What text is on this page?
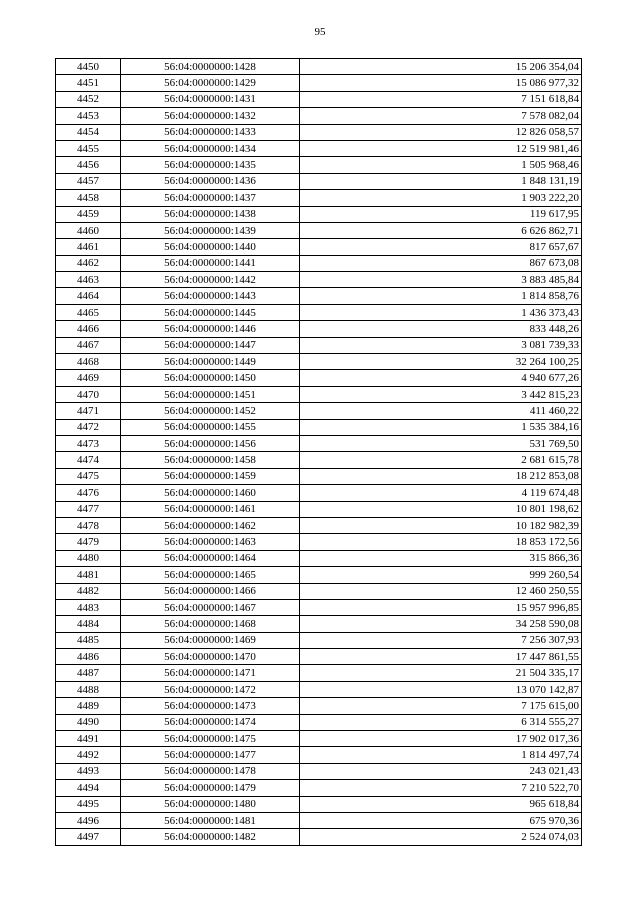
95
4450	56:04:0000000:1428	15 206 354,04
4451	56:04:0000000:1429	15 086 977,32
4452	56:04:0000000:1431	7 151 618,84
4453	56:04:0000000:1432	7 578 082,04
4454	56:04:0000000:1433	12 826 058,57
4455	56:04:0000000:1434	12 519 981,46
4456	56:04:0000000:1435	1 505 968,46
4457	56:04:0000000:1436	1 848 131,19
4458	56:04:0000000:1437	1 903 222,20
4459	56:04:0000000:1438	119 617,95
4460	56:04:0000000:1439	6 626 862,71
4461	56:04:0000000:1440	817 657,67
4462	56:04:0000000:1441	867 673,08
4463	56:04:0000000:1442	3 883 485,84
4464	56:04:0000000:1443	1 814 858,76
4465	56:04:0000000:1445	1 436 373,43
4466	56:04:0000000:1446	833 448,26
4467	56:04:0000000:1447	3 081 739,33
4468	56:04:0000000:1449	32 264 100,25
4469	56:04:0000000:1450	4 940 677,26
4470	56:04:0000000:1451	3 442 815,23
4471	56:04:0000000:1452	411 460,22
4472	56:04:0000000:1455	1 535 384,16
4473	56:04:0000000:1456	531 769,50
4474	56:04:0000000:1458	2 681 615,78
4475	56:04:0000000:1459	18 212 853,08
4476	56:04:0000000:1460	4 119 674,48
4477	56:04:0000000:1461	10 801 198,62
4478	56:04:0000000:1462	10 182 982,39
4479	56:04:0000000:1463	18 853 172,56
4480	56:04:0000000:1464	315 866,36
4481	56:04:0000000:1465	999 260,54
4482	56:04:0000000:1466	12 460 250,55
4483	56:04:0000000:1467	15 957 996,85
4484	56:04:0000000:1468	34 258 590,08
4485	56:04:0000000:1469	7 256 307,93
4486	56:04:0000000:1470	17 447 861,55
4487	56:04:0000000:1471	21 504 335,17
4488	56:04:0000000:1472	13 070 142,87
4489	56:04:0000000:1473	7 175 615,00
4490	56:04:0000000:1474	6 314 555,27
4491	56:04:0000000:1475	17 902 017,36
4492	56:04:0000000:1477	1 814 497,74
4493	56:04:0000000:1478	243 021,43
4494	56:04:0000000:1479	7 210 522,70
4495	56:04:0000000:1480	965 618,84
4496	56:04:0000000:1481	675 970,36
4497	56:04:0000000:1482	2 524 074,03
